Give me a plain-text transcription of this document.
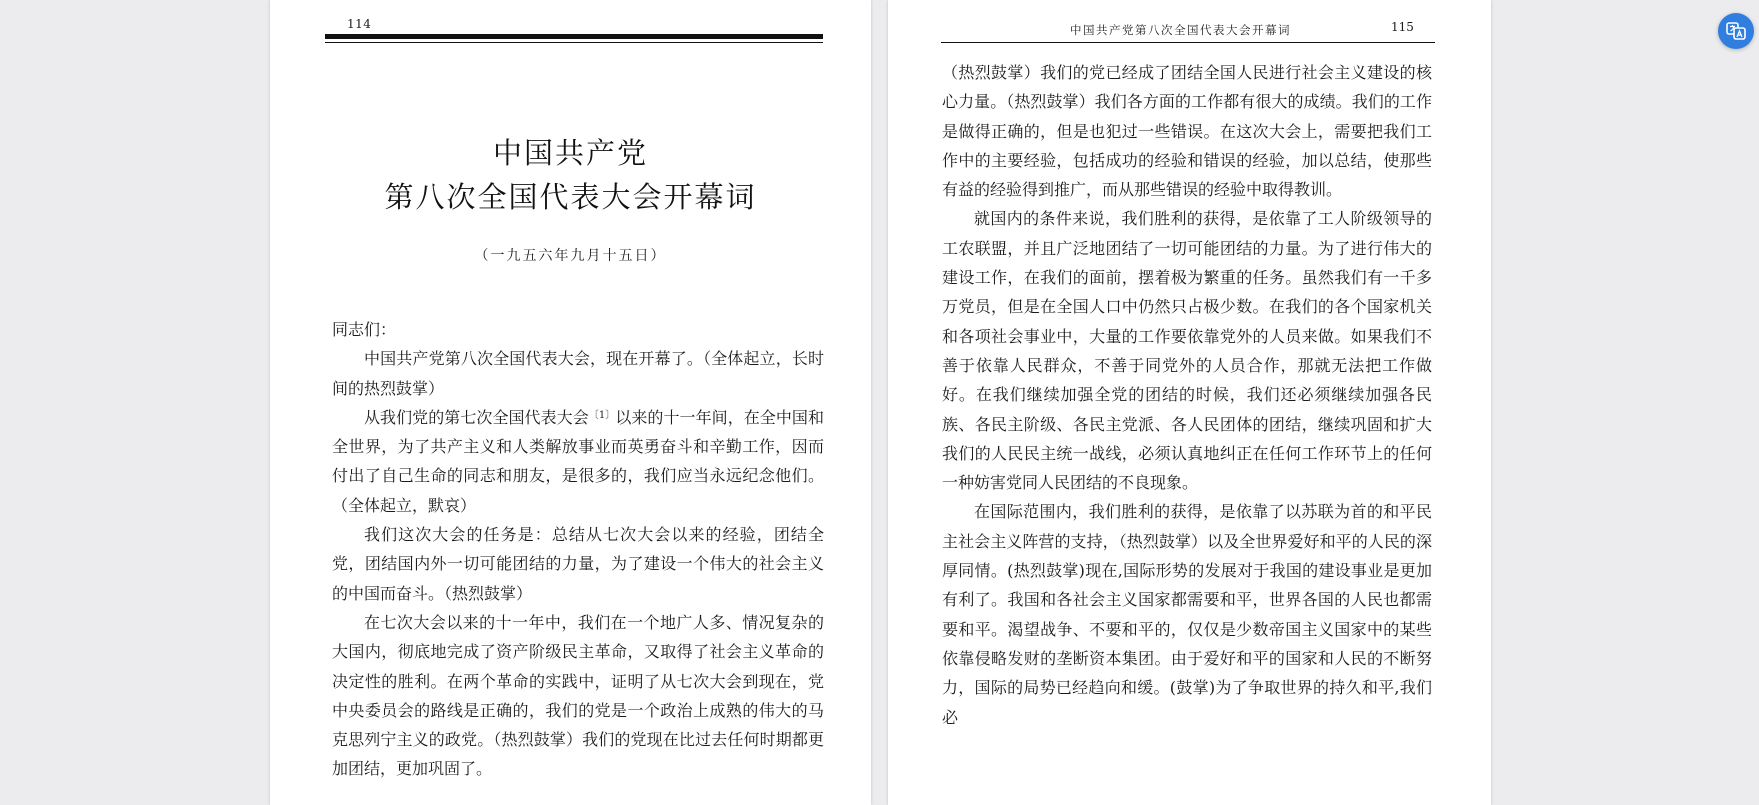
114
中国共产党
第八次全国代表大会开幕词
（一九五六年九月十五日）

同志们：

中国共产党第八次全国代表大会，现在开幕了。（全体起立，长时间的热烈鼓掌）

从我们党的第七次全国代表大会$^{〔1〕}$以来的十一年间，在全中国和全世界，为了共产主义和人类解放事业而英勇奋斗和辛勤工作，因而付出了自己生命的同志和朋友，是很多的，我们应当永远纪念他们。（全体起立，默哀）

我们这次大会的任务是：总结从七次大会以来的经验，团结全党，团结国内外一切可能团结的力量，为了建设一个伟大的社会主义的中国而奋斗。（热烈鼓掌）

在七次大会以来的十一年中，我们在一个地广人多、情况复杂的大国内，彻底地完成了资产阶级民主革命，又取得了社会主义革命的决定性的胜利。在两个革命的实践中，证明了从七次大会到现在，党中央委员会的路线是正确的，我们的党是一个政治上成熟的伟大的马克思列宁主义的政党。（热烈鼓掌）我们的党现在比过去任何时期都更加团结，更加巩固了。

中国共产党第八次全国代表大会开幕词	115

（热烈鼓掌）我们的党已经成了团结全国人民进行社会主义建设的核心力量。（热烈鼓掌）我们各方面的工作都有很大的成绩。我们的工作是做得正确的，但是也犯过一些错误。在这次大会上，需要把我们工作中的主要经验，包括成功的经验和错误的经验，加以总结，使那些有益的经验得到推广，而从那些错误的经验中取得教训。

就国内的条件来说，我们胜利的获得，是依靠了工人阶级领导的工农联盟，并且广泛地团结了一切可能团结的力量。为了进行伟大的建设工作，在我们的面前，摆着极为繁重的任务。虽然我们有一千多万党员，但是在全国人口中仍然只占极少数。在我们的各个国家机关和各项社会事业中，大量的工作要依靠党外的人员来做。如果我们不善于依靠人民群众，不善于同党外的人员合作，那就无法把工作做好。在我们继续加强全党的团结的时候，我们还必须继续加强各民族、各民主阶级、各民主党派、各人民团体的团结，继续巩固和扩大我们的人民民主统一战线，必须认真地纠正在任何工作环节上的任何一种妨害党同人民团结的不良现象。

在国际范围内，我们胜利的获得，是依靠了以苏联为首的和平民主社会主义阵营的支持，（热烈鼓掌）以及全世界爱好和平的人民的深厚同情。(热烈鼓掌)现在,国际形势的发展对于我国的建设事业是更加有利了。我国和各社会主义国家都需要和平，世界各国的人民也都需要和平。渴望战争、不要和平的，仅仅是少数帝国主义国家中的某些依靠侵略发财的垄断资本集团。由于爱好和平的国家和人民的不断努力，国际的局势已经趋向和缓。(鼓掌)为了争取世界的持久和平,我们必
